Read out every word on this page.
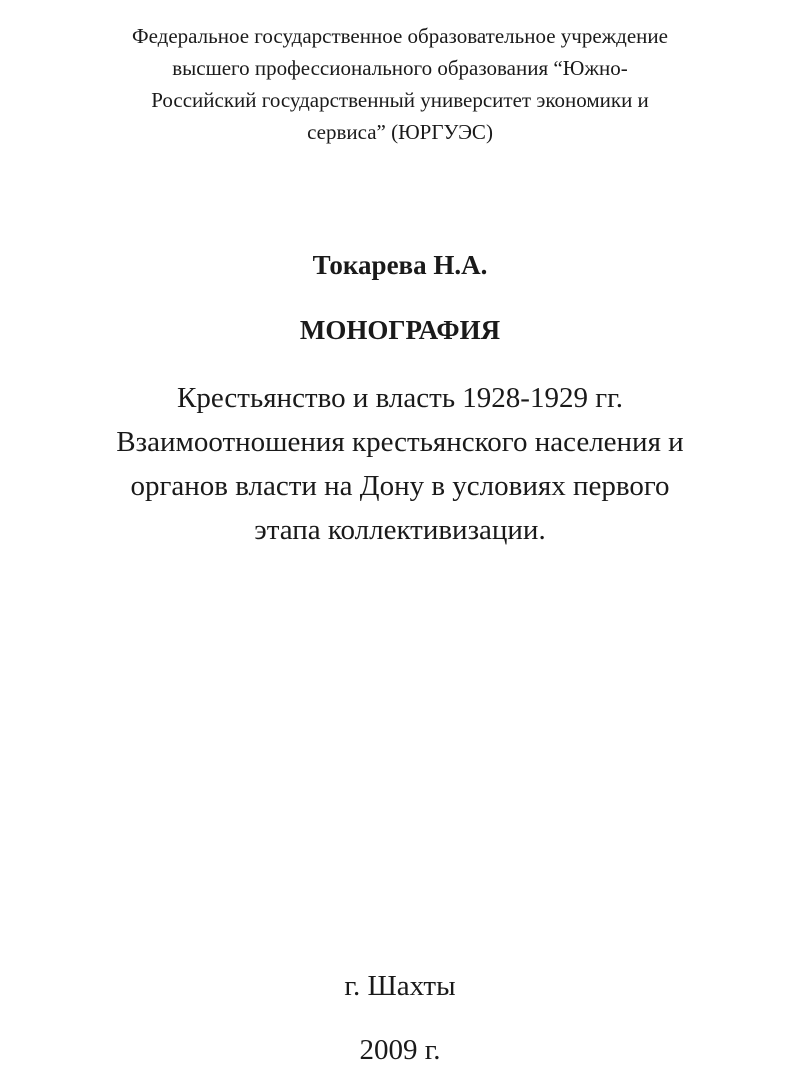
Федеральное государственное образовательное учреждение
высшего профессионального образования “Южно-
Российский государственный университет экономики и
сервиса” (ЮРГУЭС)
Токарева Н.А.
МОНОГРАФИЯ
Крестьянство и власть 1928-1929 гг.
Взаимоотношения крестьянского населения и
органов власти на Дону в условиях первого
этапа коллективизации.
г. Шахты
2009 г.
